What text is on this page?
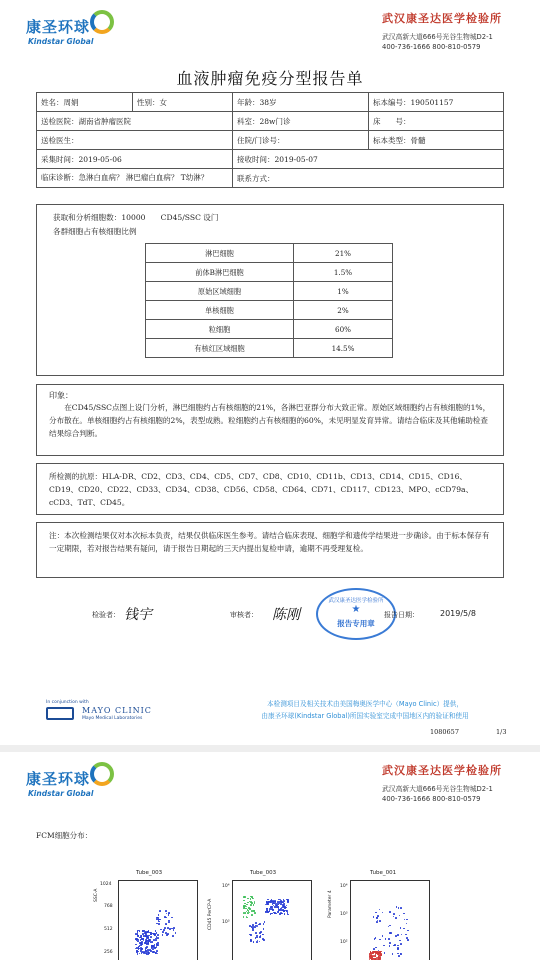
康圣环球
Kindstar Global
武汉康圣达医学检验所
武汉高新大道666号光谷生物城D2-1
400-736-1666 800-810-0579
血液肿瘤免疫分型报告单
姓名：周娟	性别：女	年龄：38岁	标本编号：190501157
送检医院：湖南省肿瘤医院		科室：28w门诊	床　　号：
送检医生：		住院/门诊号：	标本类型：骨髓
采集时间：2019-05-06		接收时间：2019-05-07	
临床诊断：急淋白血病？ 淋巴瘤白血病？ T幼淋？		联系方式：	
获取和分析细胞数：10000　　CD45/SSC 设门
各群细胞占有核细胞比例
淋巴细胞	21%
前体B淋巴细胞	1.5%
原始区域细胞	1%
单核细胞	2%
粒细胞	60%
有核红区域细胞	14.5%
印象：
在CD45/SSC点图上设门分析，淋巴细胞约占有核细胞的21%，各淋巴亚群分布大致正常。原始区域细胞约占有核细胞的1%，分布散在。单核细胞约占有核细胞的2%，表型成熟。粒细胞约占有核细胞的60%，未见明显发育异常。请结合临床及其他辅助检查结果综合判断。
所检测的抗原：HLA-DR、CD2、CD3、CD4、CD5、CD7、CD8、CD10、CD11b、CD13、CD14、CD15、CD16、CD19、CD20、CD22、CD33、CD34、CD38、CD56、CD58、CD64、CD71、CD117、CD123、MPO、cCD79a、cCD3、TdT、CD45。
注：本次检测结果仅对本次标本负责，结果仅供临床医生参考。请结合临床表现、细胞学和遗传学结果进一步确诊。由于标本保存有一定期限，若对报告结果有疑问，请于报告日期起的三天内提出复检申请，逾期不再受理复检。
检验者： 钱宇	审核者： 陈刚
武汉康圣达医学检验所
★
报告专用章
报告日期：	2019/5/8
In conjunction with
MAYO CLINIC
Mayo Medical Laboratories
本检测项目及相关技术由美国梅奥医学中心（Mayo Clinic）提供，
由康圣环球(Kindstar Global)所国实验室完成中国地区内的验证和使用
1080657	1/3
康圣环球
Kindstar Global
武汉康圣达医学检验所
武汉高新大道666号光谷生物城D2-1
400-736-1666 800-810-0579
FCM细胞分布：
Tube_003	Tube_003	Tube_001
SSC-A
CD45 PerCP-A	Parameter 4
1024
768
512
256
10⁴
10³
10⁴
10³
10²
